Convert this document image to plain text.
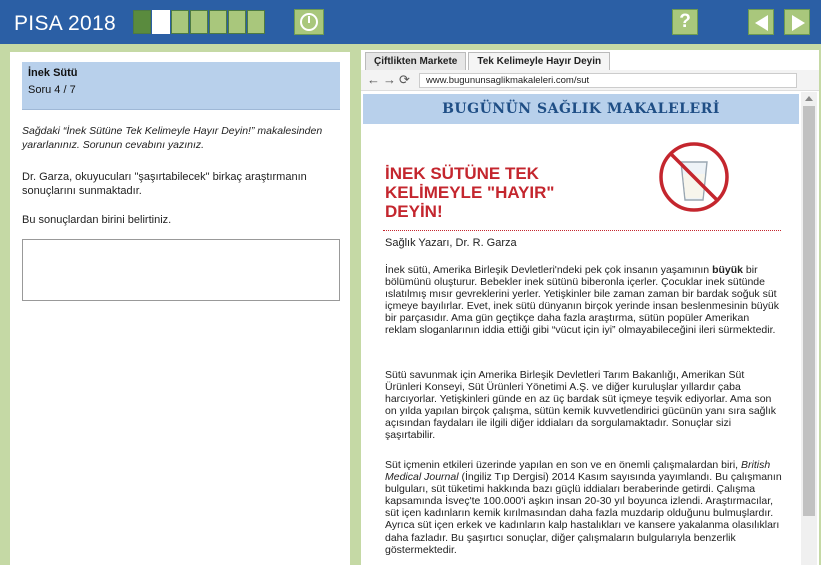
PISA 2018	?
İnek Sütü
Soru 4 / 7
Sağdaki “İnek Sütüne Tek Kelimeyle Hayır Deyin!” makalesinden yararlanınız. Sorunun cevabını yazınız.
Dr. Garza, okuyucuları "şaşırtabilecek" birkaç araştırmanın sonuçlarını sunmaktadır.
Bu sonuçlardan birini belirtiniz.
Çiftlikten Markete	Tek Kelimeyle Hayır Deyin
← → ⟳	www.bugununsaglikmakaleleri.com/sut
BUGÜNÜN SAĞLIK MAKALELERİ
İNEK SÜTÜNE TEK KELİMEYLE "HAYIR" DEYİN!
Sağlık Yazarı, Dr. R. Garza
İnek sütü, Amerika Birleşik Devletleri'ndeki pek çok insanın yaşamının büyük bir bölümünü oluşturur. Bebekler inek sütünü biberonla içerler. Çocuklar inek sütünde ıslatılmış mısır gevreklerini yerler. Yetişkinler bile zaman zaman bir bardak soğuk süt içmeye bayılırlar. Evet, inek sütü dünyanın birçok yerinde insan beslenmesinin büyük bir parçasıdır. Ama gün geçtikçe daha fazla araştırma, sütün popüler Amerikan reklam sloganlarının iddia ettiği gibi “vücut için iyi” olmayabileceğini ileri sürmektedir.
Sütü savunmak için Amerika Birleşik Devletleri Tarım Bakanlığı, Amerikan Süt Ürünleri Konseyi, Süt Ürünleri Yönetimi A.Ş. ve diğer kuruluşlar yıllardır çaba harcıyorlar. Yetişkinleri günde en az üç bardak süt içmeye teşvik ediyorlar. Ama son on yılda yapılan birçok çalışma, sütün kemik kuvvetlendirici gücünün yanı sıra sağlık açısından faydaları ile ilgili diğer iddiaları da sorgulamaktadır. Sonuçlar sizi şaşırtabilir.
Süt içmenin etkileri üzerinde yapılan en son ve en önemli çalışmalardan biri, British Medical Journal (İngiliz Tıp Dergisi) 2014 Kasım sayısında yayımlandı. Bu çalışmanın bulguları, süt tüketimi hakkında bazı güçlü iddiaları beraberinde getirdi. Çalışma kapsamında İsveç'te 100.000'i aşkın insan 20-30 yıl boyunca izlendi. Araştırmacılar, süt içen kadınların kemik kırılmasından daha fazla muzdarip olduğunu bulmuşlardır. Ayrıca süt içen erkek ve kadınların kalp hastalıkları ve kansere yakalanma olasılıkları daha fazladır. Bu şaşırtıcı sonuçlar, diğer çalışmaların bulgularıyla benzerlik göstermektedir.
